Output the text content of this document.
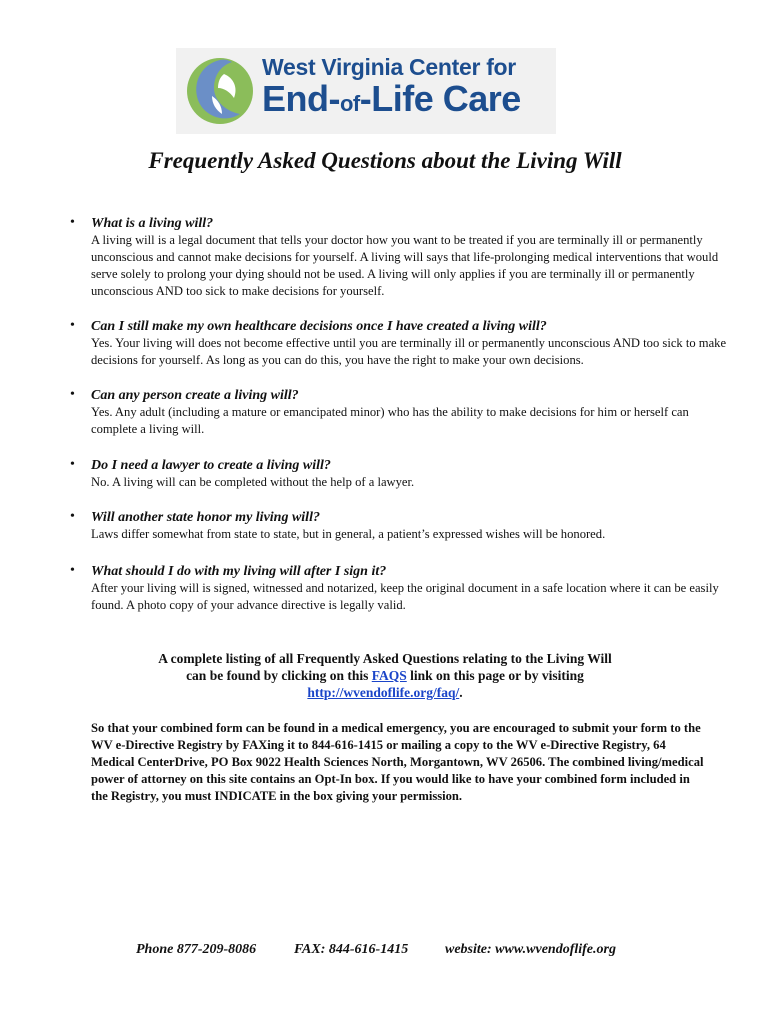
West Virginia Center for
End-of-Life Care
Frequently Asked Questions about the Living Will
• What is a living will?
A living will is a legal document that tells your doctor how you want to be treated if you are terminally ill or permanently unconscious and cannot make decisions for yourself. A living will says that life-prolonging medical interventions that would serve solely to prolong your dying should not be used. A living will only applies if you are terminally ill or permanently unconscious AND too sick to make decisions for yourself.
• Can I still make my own healthcare decisions once I have created a living will?
Yes. Your living will does not become effective until you are terminally ill or permanently unconscious AND too sick to make decisions for yourself. As long as you can do this, you have the right to make your own decisions.
• Can any person create a living will?
Yes. Any adult (including a mature or emancipated minor) who has the ability to make decisions for him or herself can complete a living will.
• Do I need a lawyer to create a living will?
No. A living will can be completed without the help of a lawyer.
• Will another state honor my living will?
Laws differ somewhat from state to state, but in general, a patient’s expressed wishes will be honored.
• What should I do with my living will after I sign it?
After your living will is signed, witnessed and notarized, keep the original document in a safe location where it can be easily found. A photo copy of your advance directive is legally valid.
A complete listing of all Frequently Asked Questions relating to the Living Will
can be found by clicking on this FAQS link on this page or by visiting
http://wvendoflife.org/faq/.
So that your combined form can be found in a medical emergency, you are encouraged to submit your form to the WV e-Directive Registry by FAXing it to 844-616-1415 or mailing a copy to the WV e-Directive Registry, 64 Medical CenterDrive, PO Box 9022 Health Sciences North, Morgantown, WV 26506. The combined living/medical power of attorney on this site contains an Opt-In box. If you would like to have your combined form included in the Registry, you must INDICATE in the box giving your permission.
Phone 877-209-8086	FAX: 844-616-1415	website: www.wvendoflife.org
